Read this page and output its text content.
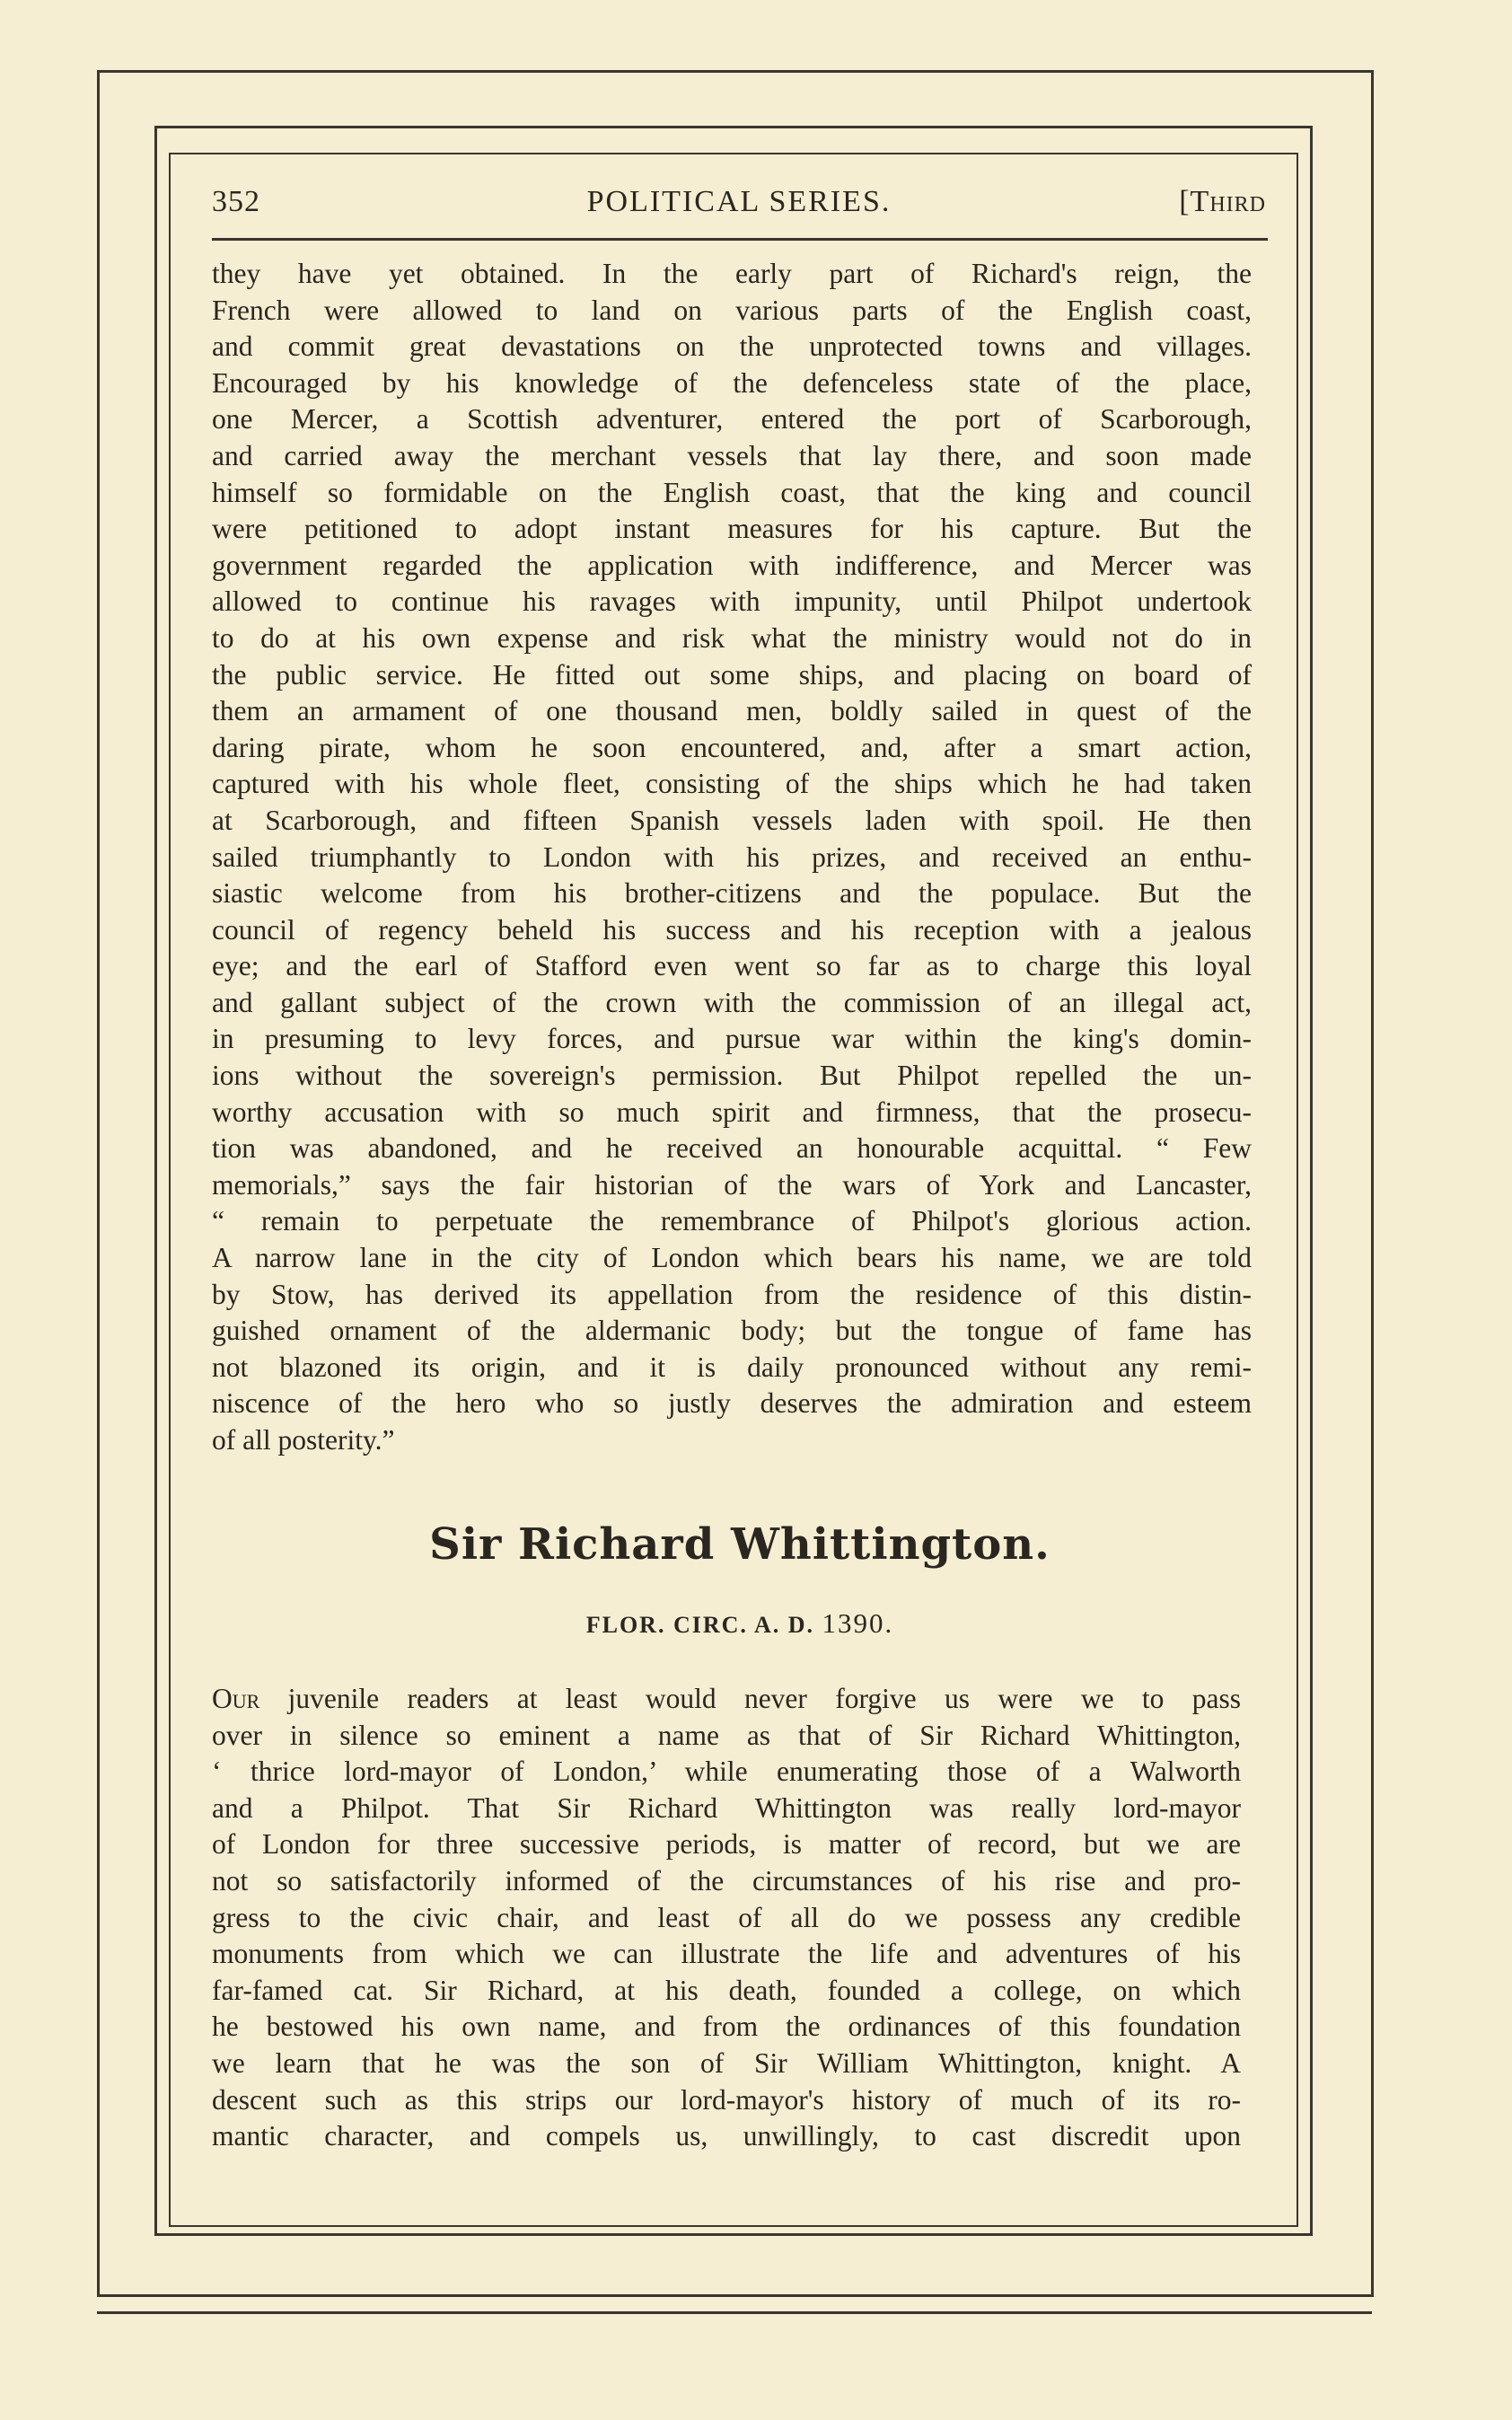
352	POLITICAL SERIES.	[Third
they have yet obtained. In the early part of Richard's reign, the
French were allowed to land on various parts of the English coast,
and commit great devastations on the unprotected towns and villages.
Encouraged by his knowledge of the defenceless state of the place,
one Mercer, a Scottish adventurer, entered the port of Scarborough,
and carried away the merchant vessels that lay there, and soon made
himself so formidable on the English coast, that the king and council
were petitioned to adopt instant measures for his capture. But the
government regarded the application with indifference, and Mercer was
allowed to continue his ravages with impunity, until Philpot undertook
to do at his own expense and risk what the ministry would not do in
the public service. He fitted out some ships, and placing on board of
them an armament of one thousand men, boldly sailed in quest of the
daring pirate, whom he soon encountered, and, after a smart action,
captured with his whole fleet, consisting of the ships which he had taken
at Scarborough, and fifteen Spanish vessels laden with spoil. He then
sailed triumphantly to London with his prizes, and received an enthu-
siastic welcome from his brother-citizens and the populace. But the
council of regency beheld his success and his reception with a jealous
eye; and the earl of Stafford even went so far as to charge this loyal
and gallant subject of the crown with the commission of an illegal act,
in presuming to levy forces, and pursue war within the king's domin-
ions without the sovereign's permission. But Philpot repelled the un-
worthy accusation with so much spirit and firmness, that the prosecu-
tion was abandoned, and he received an honourable acquittal. “ Few
memorials,” says the fair historian of the wars of York and Lancaster,
“ remain to perpetuate the remembrance of Philpot's glorious action.
A narrow lane in the city of London which bears his name, we are told
by Stow, has derived its appellation from the residence of this distin-
guished ornament of the aldermanic body; but the tongue of fame has
not blazoned its origin, and it is daily pronounced without any remi-
niscence of the hero who so justly deserves the admiration and esteem
of all posterity.”
Sir Richard Whittington.
FLOR. CIRC. A. D. 1390.
Our juvenile readers at least would never forgive us were we to pass
over in silence so eminent a name as that of Sir Richard Whittington,
‘ thrice lord-mayor of London,’ while enumerating those of a Walworth
and a Philpot. That Sir Richard Whittington was really lord-mayor
of London for three successive periods, is matter of record, but we are
not so satisfactorily informed of the circumstances of his rise and pro-
gress to the civic chair, and least of all do we possess any credible
monuments from which we can illustrate the life and adventures of his
far-famed cat. Sir Richard, at his death, founded a college, on which
he bestowed his own name, and from the ordinances of this foundation
we learn that he was the son of Sir William Whittington, knight. A
descent such as this strips our lord-mayor's history of much of its ro-
mantic character, and compels us, unwillingly, to cast discredit upon
